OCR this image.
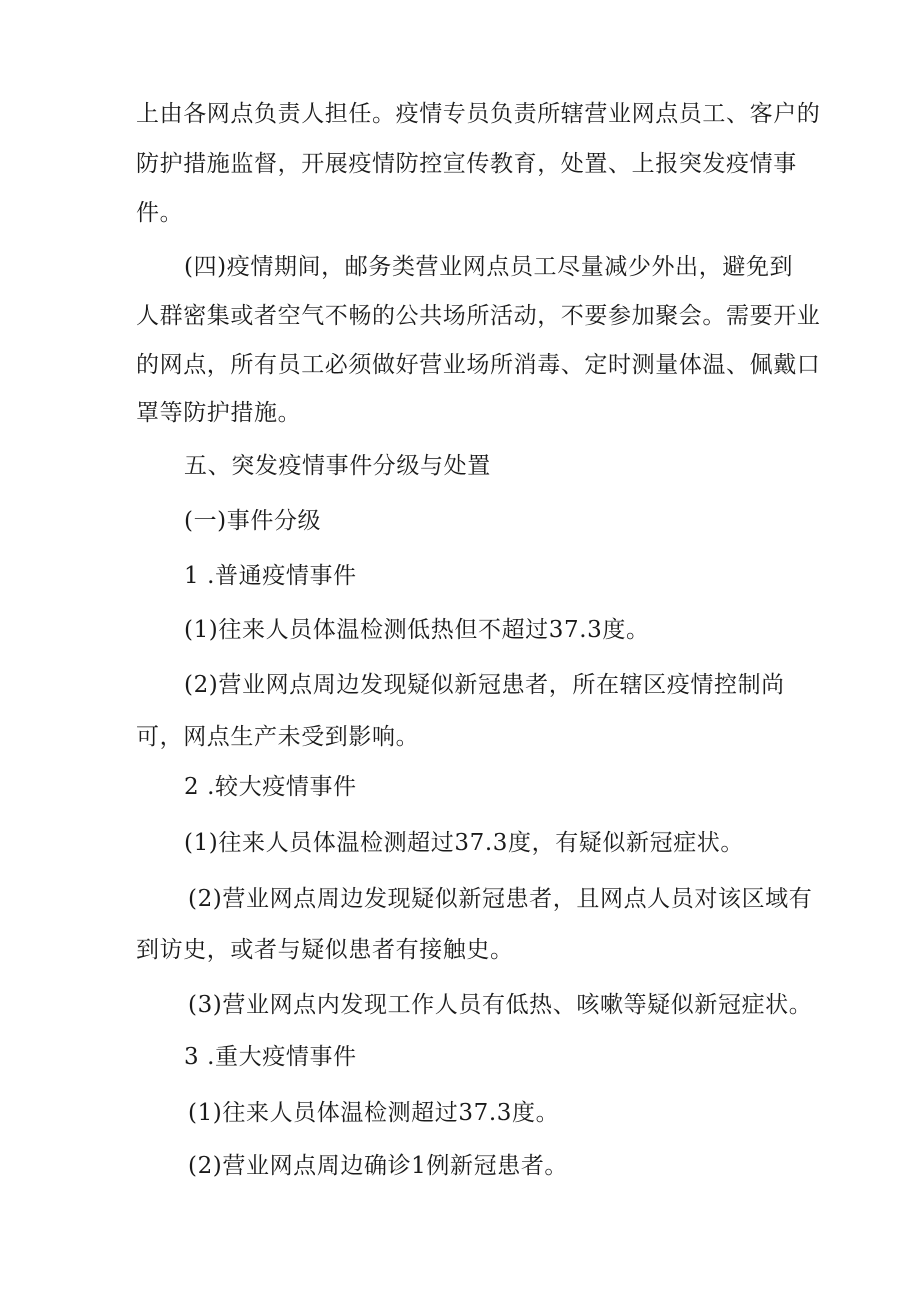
上由各网点负责人担任。疫情专员负责所辖营业网点员工、客户的

防护措施监督，开展疫情防控宣传教育，处置、上报突发疫情事

件。

(四)疫情期间，邮务类营业网点员工尽量减少外出，避免到

人群密集或者空气不畅的公共场所活动，不要参加聚会。需要开业

的网点，所有员工必须做好营业场所消毒、定时测量体温、佩戴口

罩等防护措施。

五、突发疫情事件分级与处置

(一)事件分级

1 .普通疫情事件

(1)往来人员体温检测低热但不超过37.3度。

(2)营业网点周边发现疑似新冠患者，所在辖区疫情控制尚

可，网点生产未受到影响。

2 .较大疫情事件

(1)往来人员体温检测超过37.3度，有疑似新冠症状。

(2)营业网点周边发现疑似新冠患者，且网点人员对该区域有

到访史，或者与疑似患者有接触史。

(3)营业网点内发现工作人员有低热、咳嗽等疑似新冠症状。

3 .重大疫情事件

(1)往来人员体温检测超过37.3度。

(2)营业网点周边确诊1例新冠患者。
